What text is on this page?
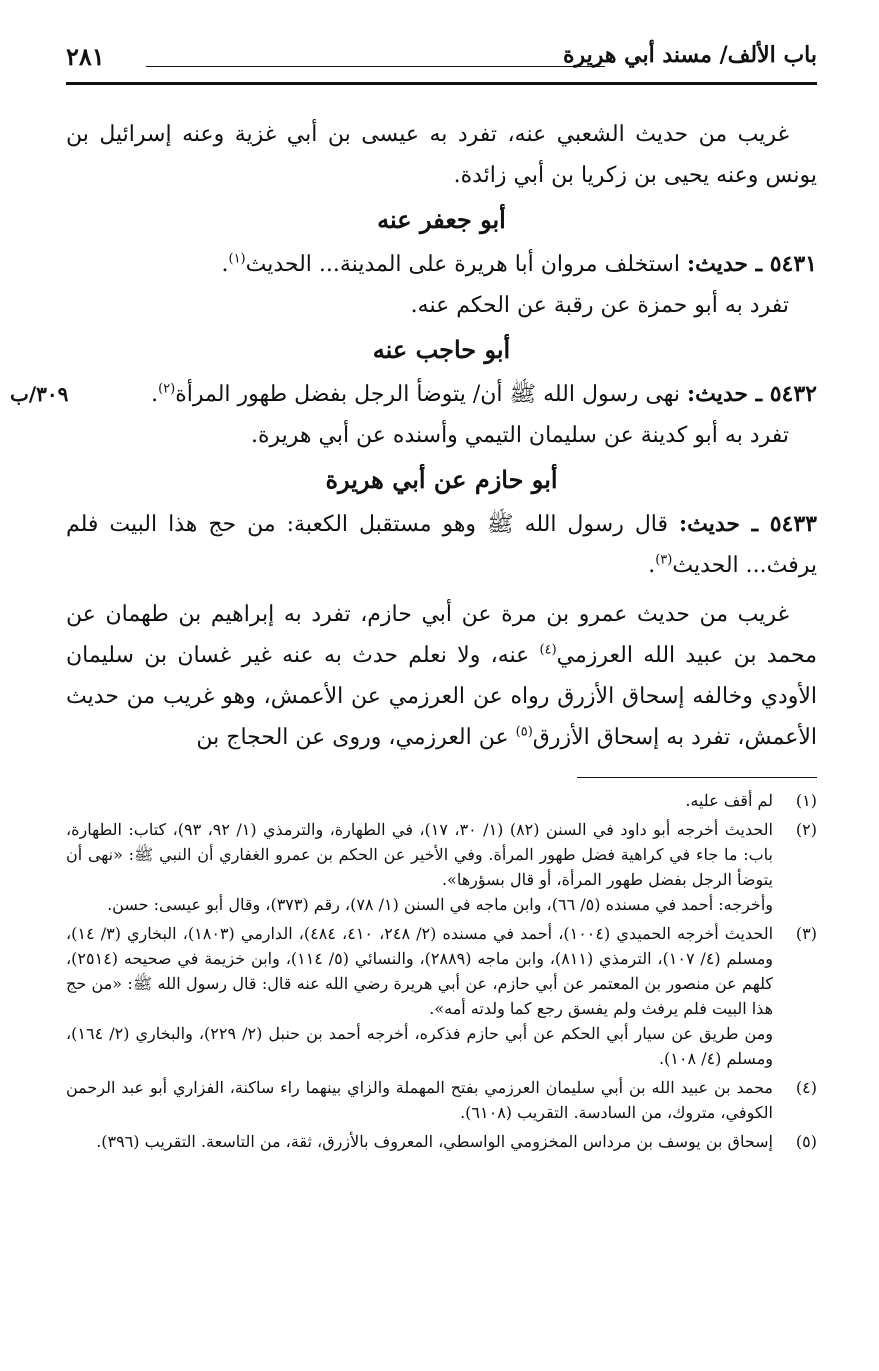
باب الألف/ مسند أبي هريرة
٢٨١

غريب من حديث الشعبي عنه، تفرد به عيسى بن أبي غزية وعنه إسرائيل بن يونس وعنه يحيى بن زكريا بن أبي زائدة.

أبو جعفر عنه

٥٤٣١ ـ حديث: استخلف مروان أبا هريرة على المدينة... الحديث$^{(١)}$.

تفرد به أبو حمزة عن رقبة عن الحكم عنه.

أبو حاجب عنه

٥٤٣٢ ـ حديث: نهى رسول الله ﷺ أن/ يتوضأ الرجل بفضل طهور المرأة$^{(٢)}$.
٣٠٩/ب

تفرد به أبو كدينة عن سليمان التيمي وأسنده عن أبي هريرة.

أبو حازم عن أبي هريرة

٥٤٣٣ ـ حديث: قال رسول الله ﷺ وهو مستقبل الكعبة: من حج هذا البيت فلم يرفث... الحديث$^{(٣)}$.

غريب من حديث عمرو بن مرة عن أبي حازم، تفرد به إبراهيم بن طهمان عن محمد بن عبيد الله العرزمي$^{(٤)}$ عنه، ولا نعلم حدث به عنه غير غسان بن سليمان الأودي وخالفه إسحاق الأزرق رواه عن العرزمي عن الأعمش، وهو غريب من حديث الأعمش، تفرد به إسحاق الأزرق$^{(٥)}$ عن العرزمي، وروى عن الحجاج بن

(١)

لم أقف عليه.

(٢)

الحديث أخرجه أبو داود في السنن (٨٢) (١/ ٣٠، ١٧)، في الطهارة، والترمذي (١/ ٩٢، ٩٣)، كتاب: الطهارة، باب: ما جاء في كراهية فضل طهور المرأة. وفي الأخير عن الحكم بن عمرو الغفاري أن النبي ﷺ: «نهى أن يتوضأ الرجل بفضل طهور المرأة، أو قال بسؤرها».

وأخرجه: أحمد في مسنده (٥/ ٦٦)، وابن ماجه في السنن (١/ ٧٨)، رقم (٣٧٣)، وقال أبو عيسى: حسن.

(٣)

الحديث أخرجه الحميدي (١٠٠٤)، أحمد في مسنده (٢/ ٢٤٨، ٤١٠، ٤٨٤)، الدارمي (١٨٠٣)، البخاري (٣/ ١٤)، ومسلم (٤/ ١٠٧)، الترمذي (٨١١)، وابن ماجه (٢٨٨٩)، والنسائي (٥/ ١١٤)، وابن خزيمة في صحيحه (٢٥١٤)، كلهم عن منصور بن المعتمر عن أبي حازم، عن أبي هريرة رضي الله عنه قال: قال رسول الله ﷺ: «من حج هذا البيت فلم يرفث ولم يفسق رجع كما ولدته أمه».

ومن طريق عن سيار أبي الحكم عن أبي حازم فذكره، أخرجه أحمد بن حنبل (٢/ ٢٢٩)، والبخاري (٢/ ١٦٤)، ومسلم (٤/ ١٠٨).

(٤)

محمد بن عبيد الله بن أبي سليمان العرزمي بفتح المهملة والزاي بينهما راء ساكنة، الفزاري أبو عبد الرحمن الكوفي، متروك، من السادسة. التقريب (٦١٠٨).

(٥)

إسحاق بن يوسف بن مرداس المخزومي الواسطي، المعروف بالأزرق، ثقة، من التاسعة. التقريب (٣٩٦).
